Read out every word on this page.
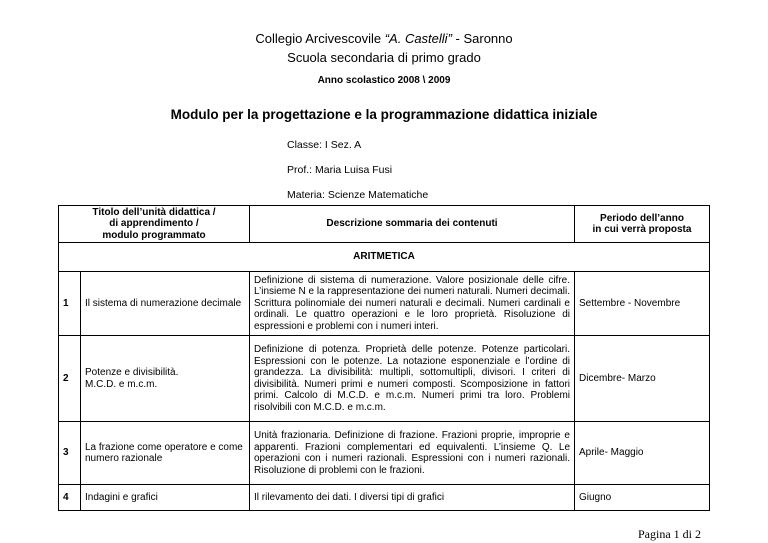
Collegio Arcivescovile “A. Castelli” - Saronno
Scuola secondaria di primo grado
Anno scolastico 2008 \ 2009
Modulo per la progettazione e la programmazione didattica iniziale
Classe: I Sez. A
Prof.: Maria Luisa Fusi
Materia: Scienze Matematiche
Titolo dell’unità didattica /
di apprendimento /
modulo programmato		Descrizione sommaria dei contenuti	Periodo dell’anno
in cui verrà proposta
ARITMETICA			
1	Il sistema di numerazione decimale	Definizione di sistema di numerazione. Valore posizionale delle cifre. L’insieme N e la rappresentazione dei numeri naturali. Numeri decimali. Scrittura polinomiale dei numeri naturali e decimali. Numeri cardinali e ordinali. Le quattro operazioni e le loro proprietà. Risoluzione di espressioni e problemi con i numeri interi.	Settembre - Novembre
2	Potenze e divisibilità.
M.C.D. e m.c.m.	Definizione di potenza. Proprietà delle potenze. Potenze particolari. Espressioni con le potenze. La notazione esponenziale e l’ordine di grandezza. La divisibilità: multipli, sottomultipli, divisori. I criteri di divisibilità. Numeri primi e numeri composti. Scomposizione in fattori primi. Calcolo di M.C.D. e m.c.m. Numeri primi tra loro. Problemi risolvibili con M.C.D. e m.c.m.	Dicembre- Marzo
3	La frazione come operatore e come numero razionale	Unità frazionaria. Definizione di frazione. Frazioni proprie, improprie e apparenti. Frazioni complementari ed equivalenti. L’insieme Q. Le operazioni con i numeri razionali. Espressioni con i numeri razionali. Risoluzione di problemi con le frazioni.	Aprile- Maggio
4	Indagini e grafici	Il rilevamento dei dati. I diversi tipi di grafici	Giugno
Pagina 1 di 2
